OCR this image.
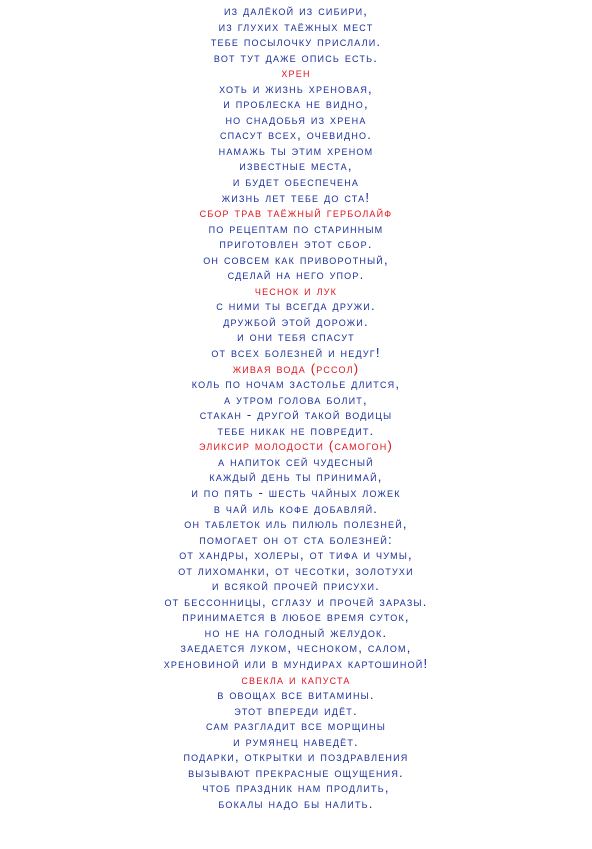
из далёкой из сибири,
из глухих таёжных мест
тебе посылочку прислали.
вот тут даже опись есть.
хрен
хоть и жизнь хреновая,
и проблеска не видно,
но снадобья из хрена
спасут всех, очевидно.
намажь ты этим хреном
известные места,
и будет обеспечена
жизнь лет тебе до ста!
сбор трав таёжный герболайф
по рецептам по старинным
приготовлен этот сбор.
он совсем как приворотный,
сделай на него упор.
чеснок и лук
с ними ты всегда дружи.
дружбой этой дорожи.
и они тебя спасут
от всех болезней и недуг!
живая вода (рссол)
коль по ночам застолье длится,
а утром голова болит,
стакан - другой такой водицы
тебе никак не повредит.
эликсир молодости (самогон)
а напиток сей чудесный
каждый день ты принимай,
и по пять - шесть чайных ложек
в чай иль кофе добавляй.
он таблеток иль пилюль полезней,
помогает он от ста болезней:
от хандры, холеры, от тифа и чумы,
от лихоманки, от чесотки, золотухи
и всякой прочей присухи.
от бессонницы, сглазу и прочей заразы.
принимается в любое время суток,
но не на голодный желудок.
заедается луком, чесноком, салом,
хреновиной или в мундирах картошиной!
свекла и капуста
в овощах все витамины.
этот впереди идёт.
сам разгладит все морщины
и румянец наведёт.
подарки, открытки и поздравления
вызывают прекрасные ощущения.
чтоб праздник нам продлить,
бокалы надо бы налить.
